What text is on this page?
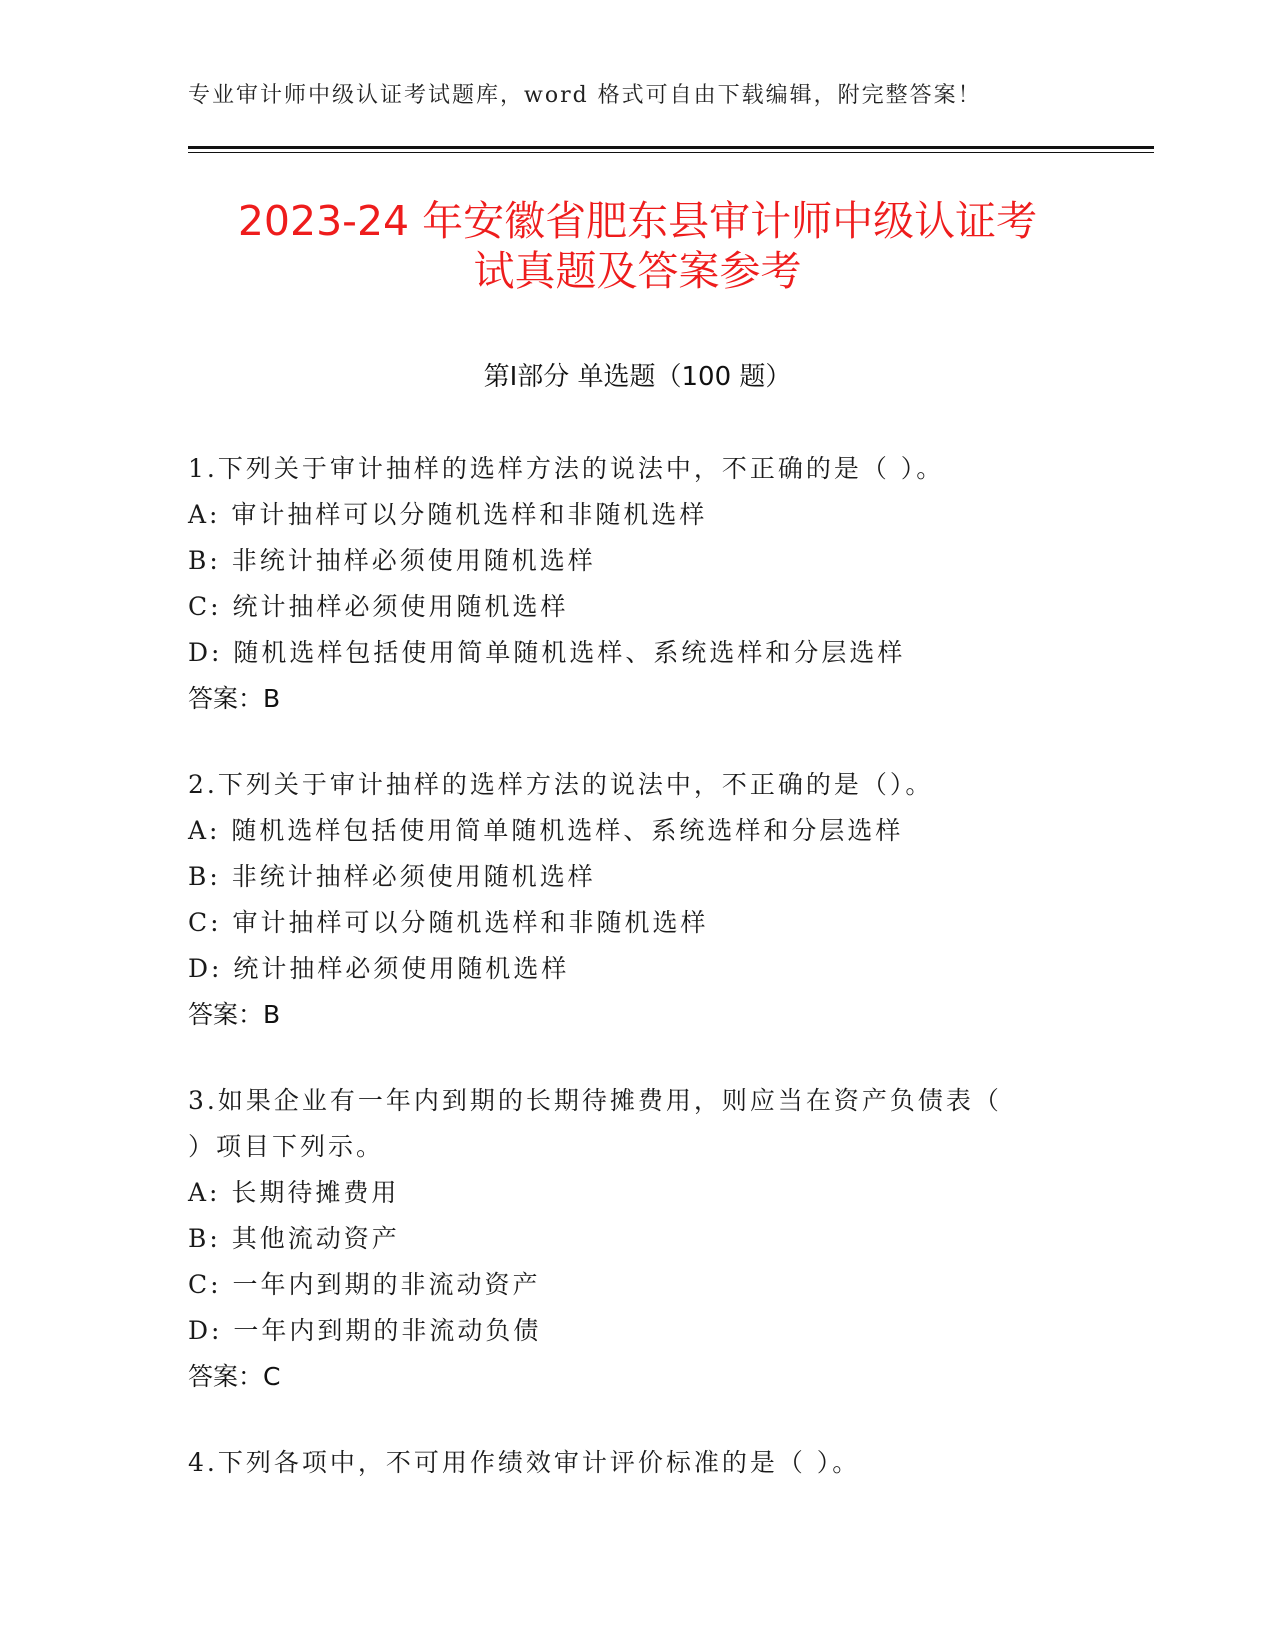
专业审计师中级认证考试题库，word 格式可自由下载编辑，附完整答案！
2023-24 年安徽省肥东县审计师中级认证考
试真题及答案参考
第Ⅰ部分 单选题（100 题）
1.下列关于审计抽样的选样方法的说法中，不正确的是（ ）。
A: 审计抽样可以分随机选样和非随机选样
B: 非统计抽样必须使用随机选样
C: 统计抽样必须使用随机选样
D: 随机选样包括使用简单随机选样、系统选样和分层选样
答案：B
2.下列关于审计抽样的选样方法的说法中，不正确的是（）。
A: 随机选样包括使用简单随机选样、系统选样和分层选样
B: 非统计抽样必须使用随机选样
C: 审计抽样可以分随机选样和非随机选样
D: 统计抽样必须使用随机选样
答案：B
3.如果企业有一年内到期的长期待摊费用，则应当在资产负债表（
）项目下列示。
A: 长期待摊费用
B: 其他流动资产
C: 一年内到期的非流动资产
D: 一年内到期的非流动负债
答案：C
4.下列各项中，不可用作绩效审计评价标准的是（ ）。
